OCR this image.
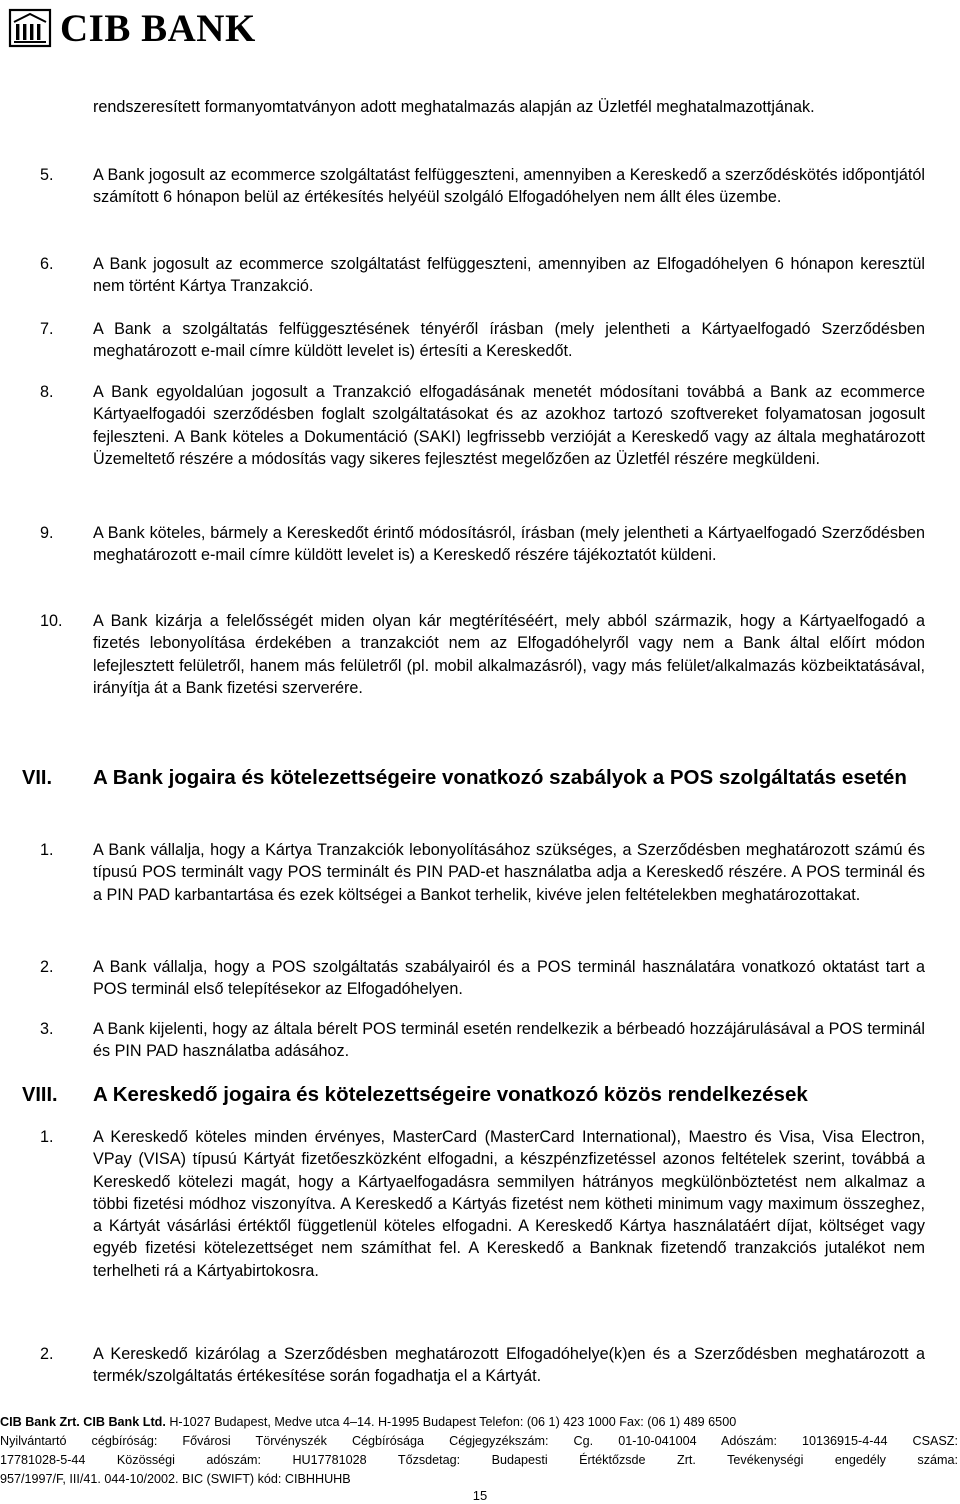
CIB BANK
rendszeresített formanyomtatványon adott meghatalmazás alapján az Üzletfél meghatalmazottjának.
5.	A Bank jogosult az ecommerce szolgáltatást felfüggeszteni, amennyiben a Kereskedő a szerződéskötés időpontjától számított 6 hónapon belül az értékesítés helyéül szolgáló Elfogadóhelyen nem állt éles üzembe.
6.	A Bank jogosult az ecommerce szolgáltatást felfüggeszteni, amennyiben az Elfogadóhelyen 6 hónapon keresztül nem történt Kártya Tranzakció.
7.	A Bank a szolgáltatás felfüggesztésének tényéről írásban (mely jelentheti a Kártyaelfogadó Szerződésben meghatározott e-mail címre küldött levelet is) értesíti a Kereskedőt.
8.	A Bank egyoldalúan jogosult a Tranzakció elfogadásának menetét módosítani továbbá a Bank az ecommerce Kártyaelfogadói szerződésben foglalt szolgáltatásokat és az azokhoz tartozó szoftvereket folyamatosan jogosult fejleszteni. A Bank köteles a Dokumentáció (SAKI) legfrissebb verzióját a Kereskedő vagy az általa meghatározott Üzemeltető részére a módosítás vagy sikeres fejlesztést megelőzően az Üzletfél részére megküldeni.
9.	A Bank köteles, bármely a Kereskedőt érintő módosításról, írásban (mely jelentheti a Kártyaelfogadó Szerződésben meghatározott e-mail címre küldött levelet is) a Kereskedő részére tájékoztatót küldeni.
10.	A Bank kizárja a felelősségét miden olyan kár megtérítéséért, mely abból származik, hogy a Kártyaelfogadó a fizetés lebonyolítása érdekében a tranzakciót nem az Elfogadóhelyről vagy nem a Bank által előírt módon lefejlesztett felületről, hanem más felületről (pl. mobil alkalmazásról), vagy más felület/alkalmazás közbeiktatásával, irányítja át a Bank fizetési szerverére.
VII. A Bank jogaira és kötelezettségeire vonatkozó szabályok a POS szolgáltatás esetén
1.	A Bank vállalja, hogy a Kártya Tranzakciók lebonyolításához szükséges, a Szerződésben meghatározott számú és típusú POS terminált vagy POS terminált és PIN PAD-et használatba adja a Kereskedő részére. A POS terminál és a PIN PAD karbantartása és ezek költségei a Bankot terhelik, kivéve jelen feltételekben meghatározottakat.
2.	A Bank vállalja, hogy a POS szolgáltatás szabályairól és a POS terminál használatára vonatkozó oktatást tart a POS terminál első telepítésekor az Elfogadóhelyen.
3.	A Bank kijelenti, hogy az általa bérelt POS terminál esetén rendelkezik a bérbeadó hozzájárulásával a POS terminál és PIN PAD használatba adásához.
VIII. A Kereskedő jogaira és kötelezettségeire vonatkozó közös rendelkezések
1.	A Kereskedő köteles minden érvényes, MasterCard (MasterCard International), Maestro és Visa, Visa Electron, VPay (VISA) típusú Kártyát fizetőeszközként elfogadni, a készpénzfizetéssel azonos feltételek szerint, továbbá a Kereskedő kötelezi magát, hogy a Kártyaelfogadásra semmilyen hátrányos megkülönböztetést nem alkalmaz a többi fizetési módhoz viszonyítva. A Kereskedő a Kártyás fizetést nem kötheti minimum vagy maximum összeghez, a Kártyát vásárlási értéktől függetlenül köteles elfogadni. A Kereskedő Kártya használatáért díjat, költséget vagy egyéb fizetési kötelezettséget nem számíthat fel. A Kereskedő a Banknak fizetendő tranzakciós jutalékot nem terhelheti rá a Kártyabirtokosra.
2.	A Kereskedő kizárólag a Szerződésben meghatározott Elfogadóhelye(k)en és a Szerződésben meghatározott a termék/szolgáltatás értékesítése során fogadhatja el a Kártyát.
CIB Bank Zrt. CIB Bank Ltd. H-1027 Budapest, Medve utca 4–14. H-1995 Budapest Telefon: (06 1) 423 1000 Fax: (06 1) 489 6500
Nyilvántartó cégbíróság: Fővárosi Törvényszék Cégbírósága Cégjegyzékszám: Cg. 01-10-041004 Adószám: 10136915-4-44 CSASZ:
17781028-5-44 Közösségi adószám: HU17781028 Tőzsdetag: Budapesti Értéktőzsde Zrt. Tevékenységi engedély száma:
957/1997/F, III/41. 044-10/2002. BIC (SWIFT) kód: CIBHHUHB
15
